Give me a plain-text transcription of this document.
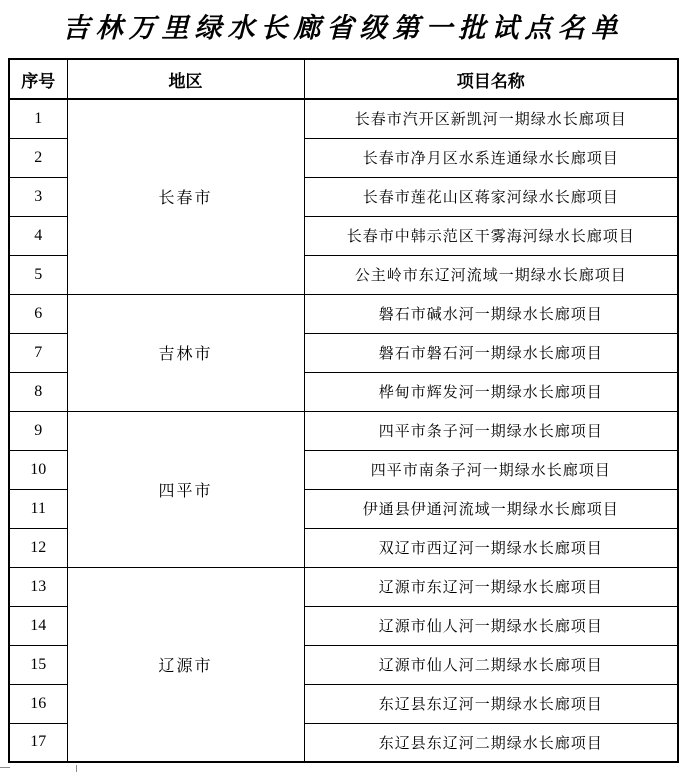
吉林万里绿水长廊省级第一批试点名单
序号	地区	项目名称
1	长春市	长春市汽开区新凯河一期绿水长廊项目
2		长春市净月区水系连通绿水长廊项目
3		长春市莲花山区蒋家河绿水长廊项目
4		长春市中韩示范区干雾海河绿水长廊项目
5		公主岭市东辽河流域一期绿水长廊项目
6	吉林市	磐石市碱水河一期绿水长廊项目
7		磐石市磐石河一期绿水长廊项目
8		桦甸市辉发河一期绿水长廊项目
9	四平市	四平市条子河一期绿水长廊项目
10		四平市南条子河一期绿水长廊项目
11		伊通县伊通河流域一期绿水长廊项目
12		双辽市西辽河一期绿水长廊项目
13	辽源市	辽源市东辽河一期绿水长廊项目
14		辽源市仙人河一期绿水长廊项目
15		辽源市仙人河二期绿水长廊项目
16		东辽县东辽河一期绿水长廊项目
17		东辽县东辽河二期绿水长廊项目
